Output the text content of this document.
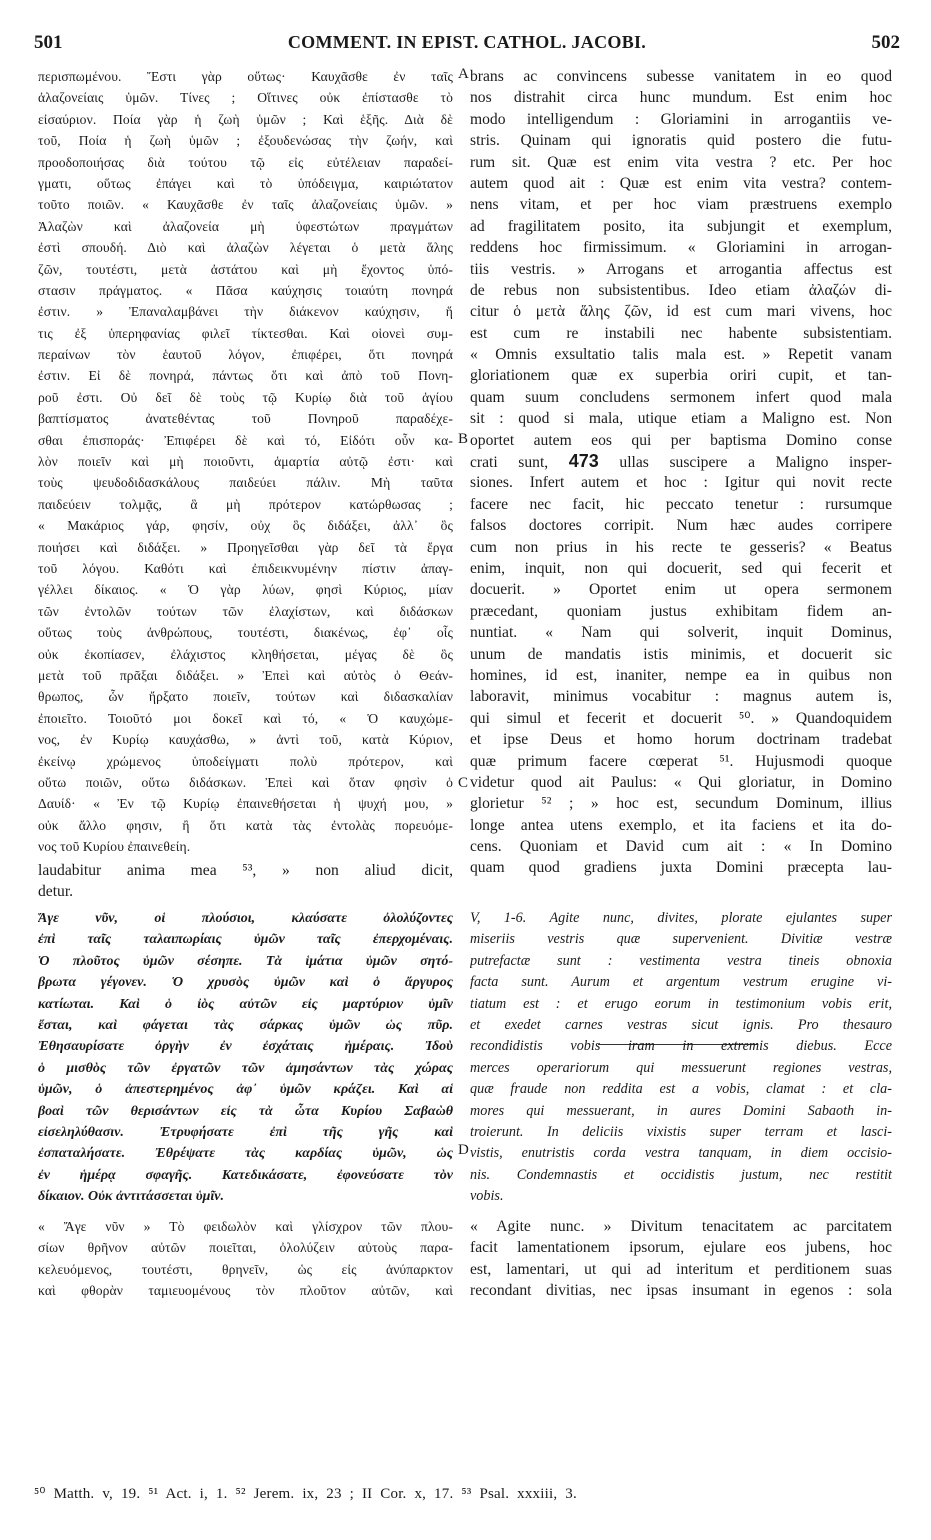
501	COMMENT. IN EPIST. CATHOL. JACOBI.	502
περισπωμένου. Ἔστι γὰρ οὕτως· Καυχᾶσθε ἐν ταῖς
ἀλαζονείαις ὑμῶν. Τίνες ; Οἵτινες οὐκ ἐπίστασθε τὸ
εἰσαύριον. Ποία γὰρ ἡ ζωὴ ὑμῶν ; Καὶ ἑξῆς. Διὰ δὲ
τοῦ, Ποία ἡ ζωὴ ὑμῶν ; ἐξουδενώσας τὴν ζωήν, καὶ
προοδοποιήσας διὰ τούτου τῷ εἰς εὐτέλειαν παραδεί-
γματι, οὕτως ἐπάγει καὶ τὸ ὑπόδειγμα, καιριώτατον
τοῦτο ποιῶν. « Καυχᾶσθε ἐν ταῖς ἀλαζονείαις ὑμῶν. »
Ἀλαζὼν καὶ ἀλαζονεία μὴ ὑφεστώτων πραγμάτων
ἐστὶ σπουδή. Διὸ καὶ ἀλαζὼν λέγεται ὁ μετὰ ἅλης
ζῶν, τουτέστι, μετὰ ἀστάτου καὶ μὴ ἔχοντος ὑπό-
στασιν πράγματος. « Πᾶσα καύχησις τοιαύτη πονηρά
ἐστιν. » Ἐπαναλαμβάνει τὴν διάκενον καύχησιν, ἥ
τις ἐξ ὑπερηφανίας φιλεῖ τίκτεσθαι. Καὶ οἱονεὶ συμ-
περαίνων τὸν ἑαυτοῦ λόγον, ἐπιφέρει, ὅτι πονηρά
ἐστιν. Εἰ δὲ πονηρά, πάντως ὅτι καὶ ἀπὸ τοῦ Πονη-
ροῦ ἐστι. Οὐ δεῖ δὲ τοὺς τῷ Κυρίῳ διὰ τοῦ ἁγίου
βαπτίσματος ἀνατεθέντας τοῦ Πονηροῦ παραδέχε-
σθαι ἐπισποράς· Ἐπιφέρει δὲ καὶ τό, Εἰδότι οὖν κα-
λὸν ποιεῖν καὶ μὴ ποιοῦντι, ἁμαρτία αὐτῷ ἐστι· καὶ
τοὺς ψευδοδιδασκάλους παιδεύει πάλιν. Μὴ ταῦτα
παιδεύειν τολμᾷς, ἃ μὴ πρότερον κατώρθωσας ;
« Μακάριος γάρ, φησίν, οὐχ ὃς διδάξει, ἀλλ᾽ ὃς
ποιήσει καὶ διδάξει. » Προηγεῖσθαι γὰρ δεῖ τὰ ἔργα
τοῦ λόγου. Καθότι καὶ ἐπιδεικνυμένην πίστιν ἀπαγ-
γέλλει δίκαιος. « Ὁ γὰρ λύων, φησὶ Κύριος, μίαν
τῶν ἐντολῶν τούτων τῶν ἐλαχίστων, καὶ διδάσκων
οὕτως τοὺς ἀνθρώπους, τουτέστι, διακένως, ἐφ᾽ οἷς
οὐκ ἐκοπίασεν, ἐλάχιστος κληθήσεται, μέγας δὲ ὃς
μετὰ τοῦ πρᾶξαι διδάξει. » Ἐπεὶ καὶ αὐτὸς ὁ Θεάν-
θρωπος, ὧν ἤρξατο ποιεῖν, τούτων καὶ διδασκαλίαν
ἐποιεῖτο. Τοιοῦτό μοι δοκεῖ καὶ τό, « Ὁ καυχώμε-
νος, ἐν Κυρίῳ καυχάσθω, » ἀντὶ τοῦ, κατὰ Κύριον,
ἐκείνῳ χρώμενος ὑποδείγματι πολὺ πρότερον, καὶ
οὕτω ποιῶν, οὕτω διδάσκων. Ἐπεὶ καὶ ὅταν φησὶν ὁ
Δαυίδ· « Ἐν τῷ Κυρίῳ ἐπαινεθήσεται ἡ ψυχή μου, »
οὐκ ἄλλο φησιν, ἢ ὅτι κατὰ τὰς ἐντολὰς πορευόμε-
νος τοῦ Κυρίου ἐπαινεθείη.
laudabitur anima mea ⁵³, » non aliud dicit,
detur.
Ἄγε νῦν, οἱ πλούσιοι, κλαύσατε ὀλολύζοντες
ἐπὶ ταῖς ταλαιπωρίαις ὑμῶν ταῖς ἐπερχομέναις.
Ὁ πλοῦτος ὑμῶν σέσηπε. Τὰ ἱμάτια ὑμῶν σητό-
βρωτα γέγονεν. Ὁ χρυσὸς ὑμῶν καὶ ὁ ἄργυρος
κατίωται. Καὶ ὁ ἰὸς αὐτῶν εἰς μαρτύριον ὑμῖν
ἔσται, καὶ φάγεται τὰς σάρκας ὑμῶν ὡς πῦρ.
Ἐθησαυρίσατε ὀργὴν ἐν ἐσχάταις ἡμέραις. Ἰδοὺ
ὁ μισθὸς τῶν ἐργατῶν τῶν ἀμησάντων τὰς χώρας
ὑμῶν, ὁ ἀπεστερημένος ἀφ᾽ ὑμῶν κράζει. Καὶ αἱ
βοαὶ τῶν θερισάντων εἰς τὰ ὦτα Κυρίου Σαβαὼθ
εἰσεληλύθασιν. Ἐτρυφήσατε ἐπὶ τῆς γῆς καὶ
ἐσπαταλήσατε. Ἐθρέψατε τὰς καρδίας ὑμῶν, ὡς
ἐν ἡμέρᾳ σφαγῆς. Κατεδικάσατε, ἐφονεύσατε τὸν
δίκαιον. Οὐκ ἀντιτάσσεται ὑμῖν.
« Ἄγε νῦν » Τὸ φειδωλὸν καὶ γλίσχρον τῶν πλου-
σίων θρῆνον αὐτῶν ποιεῖται, ὀλολύζειν αὐτοὺς παρα-
κελευόμενος, τουτέστι, θρηνεῖν, ὡς εἰς ἀνύπαρκτον
καὶ φθορὰν ταμιευομένους τὸν πλοῦτον αὐτῶν, καὶ
brans ac convincens subesse vanitatem in eo quod
nos distrahit circa hunc mundum. Est enim hoc
modo intelligendum : Gloriamini in arrogantiis ve-
stris. Quinam qui ignoratis quid postero die futu-
rum sit. Quæ est enim vita vestra ? etc. Per hoc
autem quod ait : Quæ est enim vita vestra? contem-
nens vitam, et per hoc viam præstruens exemplo
ad fragilitatem posito, ita subjungit et exemplum,
reddens hoc firmissimum. « Gloriamini in arrogan-
tiis vestris. » Arrogans et arrogantia affectus est
de rebus non subsistentibus. Ideo etiam ἀλαζών di-
citur ὁ μετὰ ἅλης ζῶν, id est cum mari vivens, hoc
est cum re instabili nec habente subsistentiam.
« Omnis exsultatio talis mala est. » Repetit vanam
gloriationem quæ ex superbia oriri cupit, et tan-
quam suum concludens sermonem infert quod mala
sit : quod si mala, utique etiam a Maligno est. Non
oportet autem eos qui per baptisma Domino conse
crati sunt, 473 ullas suscipere a Maligno insper-
siones. Infert autem et hoc : Igitur qui novit recte
facere nec facit, hic peccato tenetur : rursumque
falsos doctores corripit. Num hæc audes corripere
cum non prius in his recte te gesseris? « Beatus
enim, inquit, non qui docuerit, sed qui fecerit et
docuerit. » Oportet enim ut opera sermonem
præcedant, quoniam justus exhibitam fidem an-
nuntiat. « Nam qui solverit, inquit Dominus,
unum de mandatis istis minimis, et docuerit sic
homines, id est, inaniter, nempe ea in quibus non
laboravit, minimus vocabitur : magnus autem is,
qui simul et fecerit et docuerit ⁵⁰. » Quandoquidem
et ipse Deus et homo horum doctrinam tradebat
quæ primum facere cœperat ⁵¹. Hujusmodi quoque
videtur quod ait Paulus: « Qui gloriatur, in Domino
glorietur ⁵² ; » hoc est, secundum Dominum, illius
longe antea utens exemplo, et ita faciens et ita do-
cens. Quoniam et David cum ait : « In Domino
quam quod gradiens juxta Domini præcepta lau-
V, 1-6. Agite nunc, divites, plorate ejulantes super
miseriis vestris quæ supervenient. Divitiæ vestræ
putrefactæ sunt : vestimenta vestra tineis obnoxia
facta sunt. Aurum et argentum vestrum erugine vi-
tiatum est : et erugo eorum in testimonium vobis erit,
et exedet carnes vestras sicut ignis. Pro thesauro
recondidistis vobis iram in extremis diebus. Ecce
merces operariorum qui messuerunt regiones vestras,
quæ fraude non reddita est a vobis, clamat : et cla-
mores qui messuerant, in aures Domini Sabaoth in-
troierunt. In deliciis vixistis super terram et lasci-
vistis, enutristis corda vestra tanquam, in diem occisio-
nis. Condemnastis et occidistis justum, nec restitit
vobis.
« Agite nunc. » Divitum tenacitatem ac parcitatem
facit lamentationem ipsorum, ejulare eos jubens, hoc
est, lamentari, ut qui ad interitum et perditionem suas
recondant divitias, nec ipsas insumant in egenos : sola
A
B
C
D
⁵⁰ Matth. v, 19. ⁵¹ Act. i, 1. ⁵² Jerem. ix, 23 ; II Cor. x, 17. ⁵³ Psal. xxxiii, 3.
